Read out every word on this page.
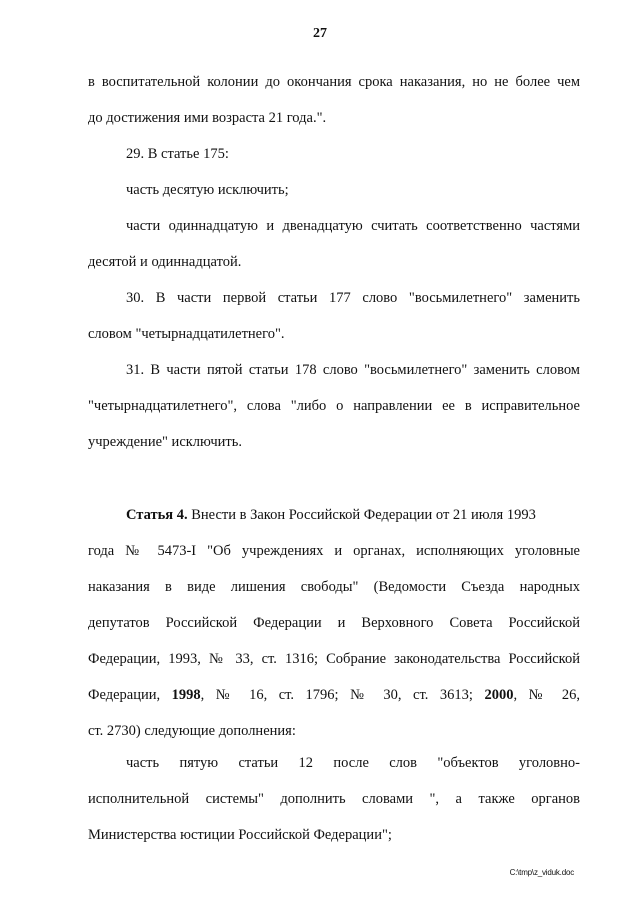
27
в воспитательной колонии до окончания срока наказания, но не более чем
до достижения ими возраста 21 года.".
29. В статье 175:
часть десятую исключить;
части одиннадцатую и двенадцатую считать соответственно частями
десятой и одиннадцатой.
30. В части первой статьи 177 слово "восьмилетнего" заменить
словом "четырнадцатилетнего".
31. В части пятой статьи 178 слово "восьмилетнего" заменить словом
"четырнадцатилетнего", слова "либо о направлении ее в исправительное
учреждение" исключить.
Статья 4. Внести в Закон Российской Федерации от 21 июля 1993
года № 5473-I "Об учреждениях и органах, исполняющих уголовные
наказания в виде лишения свободы" (Ведомости Съезда народных
депутатов Российской Федерации и Верховного Совета Российской
Федерации, 1993, № 33, ст. 1316; Собрание законодательства Российской
Федерации, 1998, № 16, ст. 1796; № 30, ст. 3613; 2000, № 26,
ст. 2730) следующие дополнения:
часть пятую статьи 12 после слов "объектов уголовно-
исполнительной системы" дополнить словами ", а также органов
Министерства юстиции Российской Федерации";
C:\tmp\z_viduk.doc
